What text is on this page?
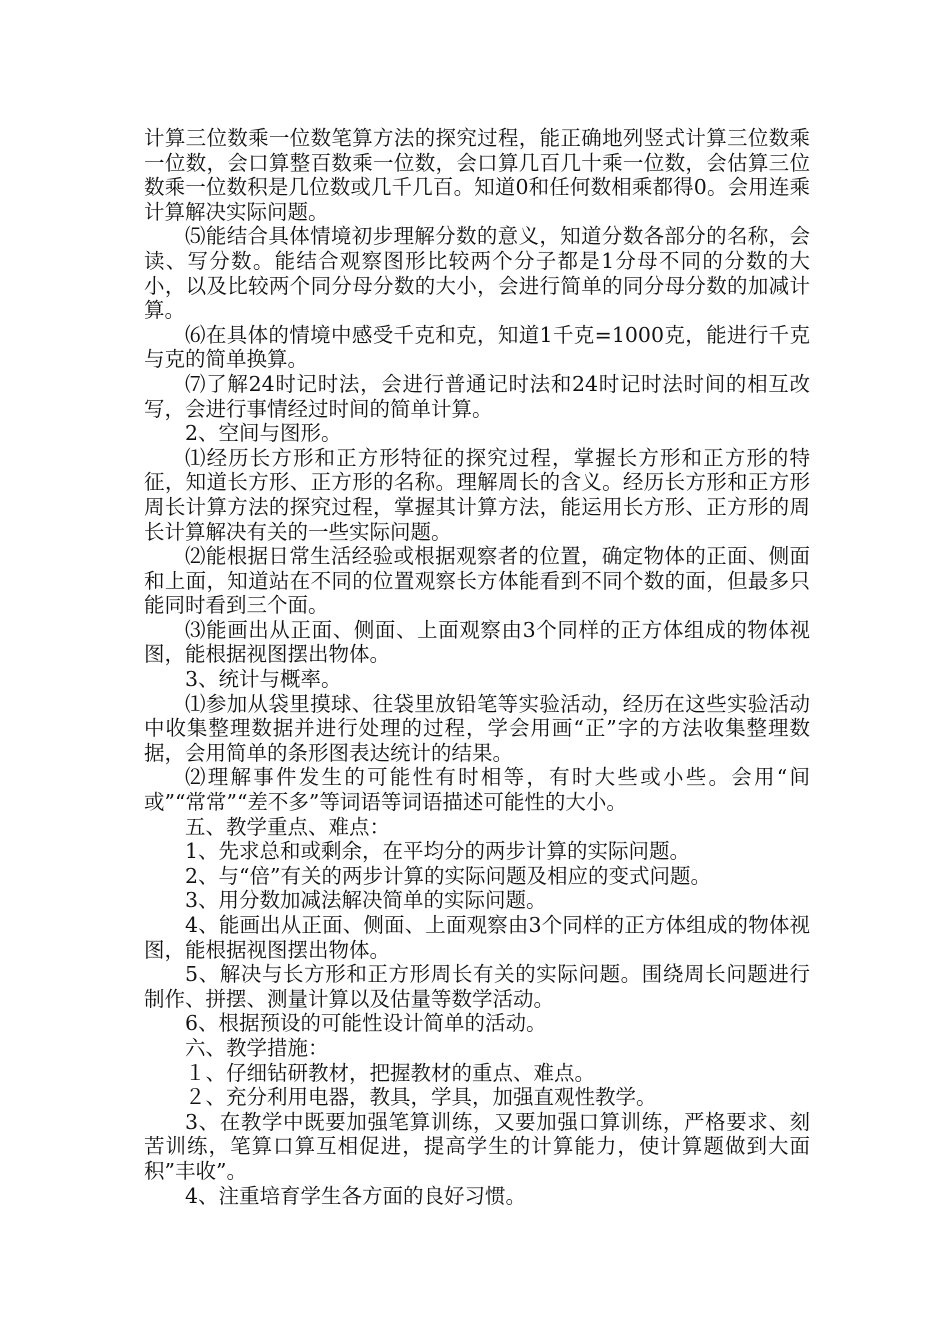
计算三位数乘一位数笔算方法的探究过程，能正确地列竖式计算三位数乘一位数，会口算整百数乘一位数，会口算几百几十乘一位数，会估算三位数乘一位数积是几位数或几千几百。知道0和任何数相乘都得0。会用连乘计算解决实际问题。

⑸能结合具体情境初步理解分数的意义，知道分数各部分的名称，会读、写分数。能结合观察图形比较两个分子都是1分母不同的分数的大小，以及比较两个同分母分数的大小，会进行简单的同分母分数的加减计算。

⑹在具体的情境中感受千克和克，知道1千克=1000克，能进行千克与克的简单换算。

⑺了解24时记时法，会进行普通记时法和24时记时法时间的相互改写，会进行事情经过时间的简单计算。

2、空间与图形。

⑴经历长方形和正方形特征的探究过程，掌握长方形和正方形的特征，知道长方形、正方形的名称。理解周长的含义。经历长方形和正方形周长计算方法的探究过程，掌握其计算方法，能运用长方形、正方形的周长计算解决有关的一些实际问题。

⑵能根据日常生活经验或根据观察者的位置，确定物体的正面、侧面和上面，知道站在不同的位置观察长方体能看到不同个数的面，但最多只能同时看到三个面。

⑶能画出从正面、侧面、上面观察由3个同样的正方体组成的物体视图，能根据视图摆出物体。

3、统计与概率。

⑴参加从袋里摸球、往袋里放铅笔等实验活动，经历在这些实验活动中收集整理数据并进行处理的过程，学会用画“正”字的方法收集整理数据，会用简单的条形图表达统计的结果。

⑵理解事件发生的可能性有时相等，有时大些或小些。会用“间或”“常常”“差不多”等词语等词语描述可能性的大小。

五、教学重点、难点：

1、先求总和或剩余，在平均分的两步计算的实际问题。

2、与“倍”有关的两步计算的实际问题及相应的变式问题。

3、用分数加减法解决简单的实际问题。

4、能画出从正面、侧面、上面观察由3个同样的正方体组成的物体视图，能根据视图摆出物体。

5、解决与长方形和正方形周长有关的实际问题。围绕周长问题进行制作、拼摆、测量计算以及估量等数学活动。

6、根据预设的可能性设计简单的活动。

六、教学措施：

１、仔细钻研教材，把握教材的重点、难点。

２、充分利用电器，教具，学具，加强直观性教学。

3、在教学中既要加强笔算训练，又要加强口算训练，严格要求、刻苦训练，笔算口算互相促进，提高学生的计算能力，使计算题做到大面积”丰收”。

4、注重培育学生各方面的良好习惯。
